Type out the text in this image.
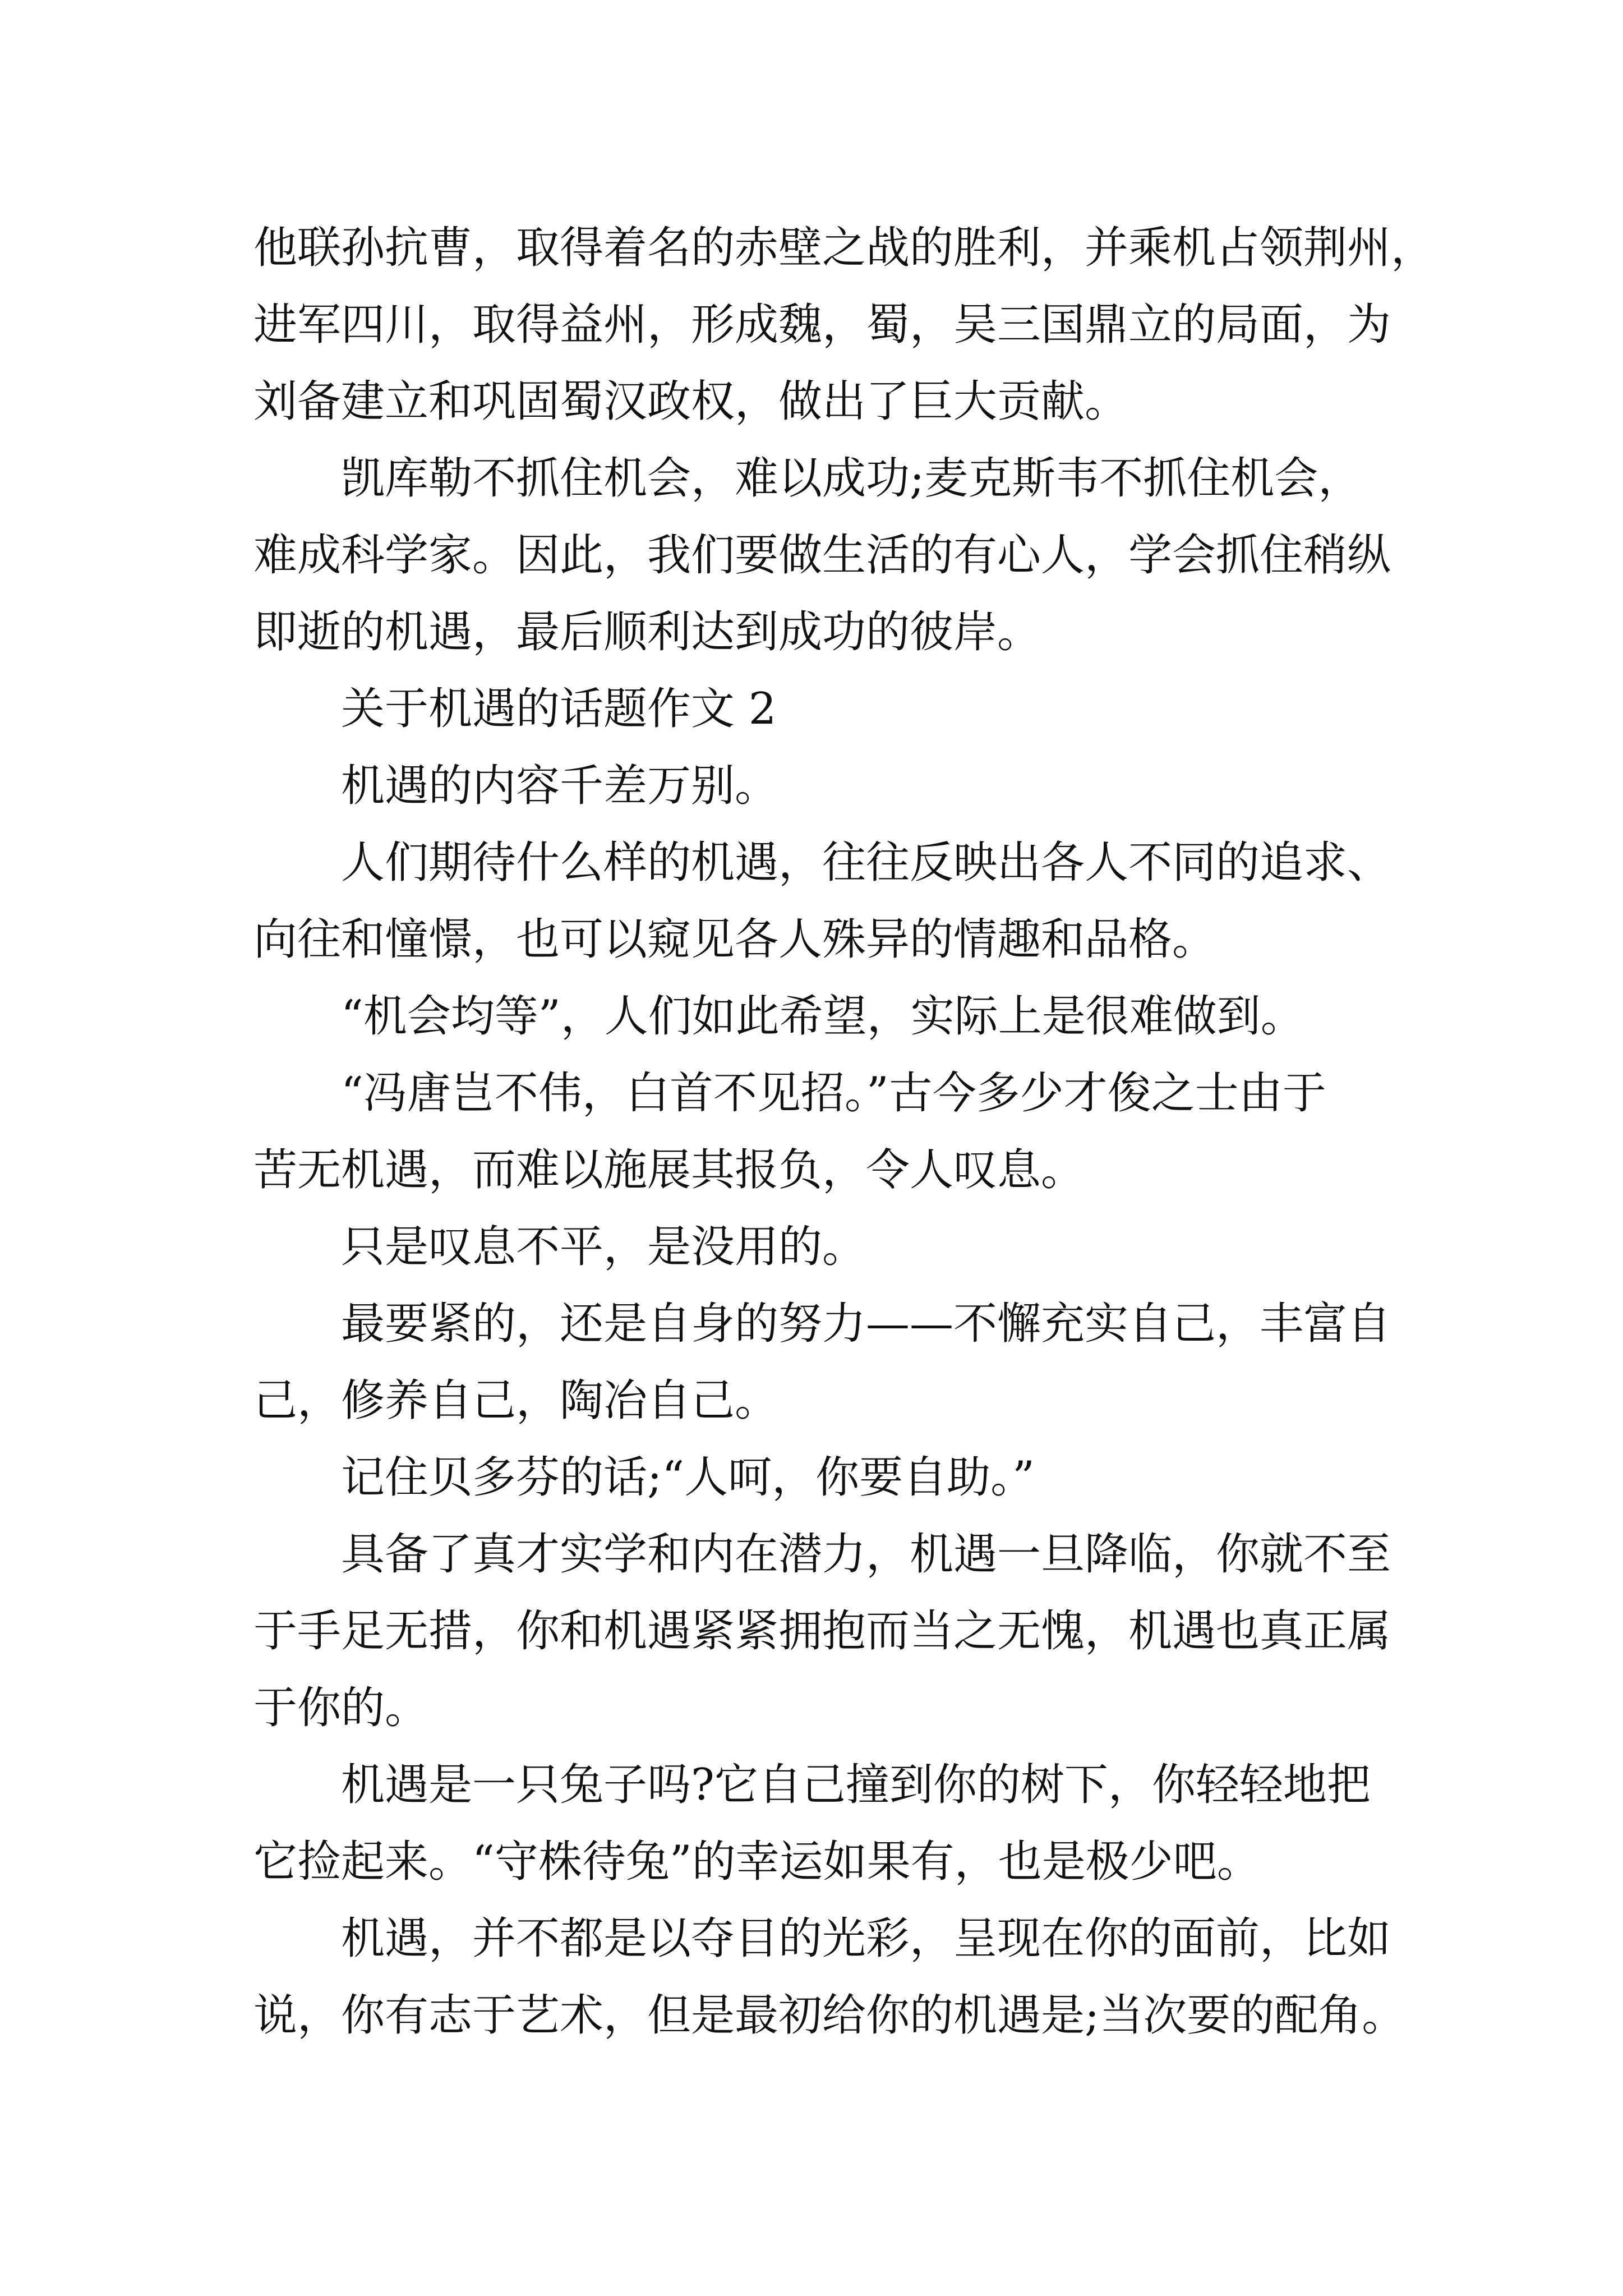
他联孙抗曹，取得着名的赤壁之战的胜利，并乘机占领荆州，
进军四川，取得益州，形成魏，蜀，吴三国鼎立的局面，为
刘备建立和巩固蜀汉政权，做出了巨大贡献。
凯库勒不抓住机会，难以成功;麦克斯韦不抓住机会，
难成科学家。因此，我们要做生活的有心人，学会抓住稍纵
即逝的机遇，最后顺利达到成功的彼岸。
关于机遇的话题作文 2
机遇的内容千差万别。
人们期待什么样的机遇，往往反映出各人不同的追求、
向往和憧憬，也可以窥见各人殊异的情趣和品格。
“机会均等”，人们如此希望，实际上是很难做到。
“冯唐岂不伟，白首不见招。”古今多少才俊之士由于
苦无机遇，而难以施展其报负，令人叹息。
只是叹息不平，是没用的。
最要紧的，还是自身的努力——不懈充实自己，丰富自
己，修养自己，陶冶自己。
记住贝多芬的话;“人呵，你要自助。”
具备了真才实学和内在潜力，机遇一旦降临，你就不至
于手足无措，你和机遇紧紧拥抱而当之无愧，机遇也真正属
于你的。
机遇是一只兔子吗?它自己撞到你的树下，你轻轻地把
它捡起来。“守株待兔”的幸运如果有，也是极少吧。
机遇，并不都是以夺目的光彩，呈现在你的面前，比如
说，你有志于艺术，但是最初给你的机遇是;当次要的配角。
